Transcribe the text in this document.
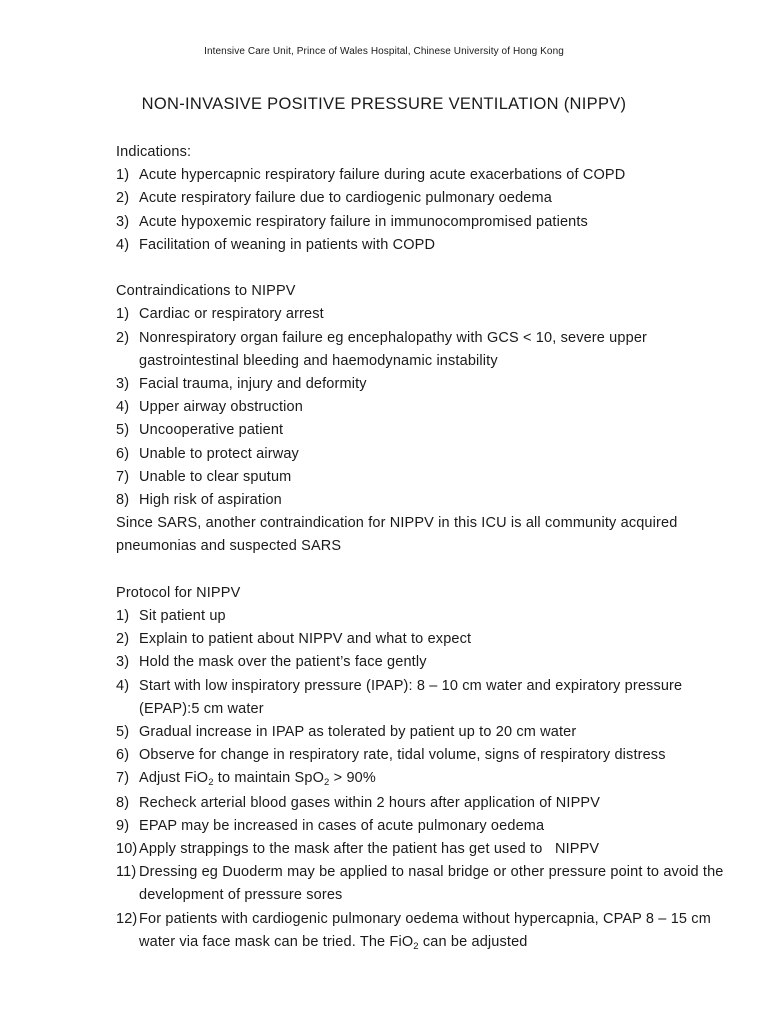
Intensive Care Unit, Prince of Wales Hospital, Chinese University of Hong Kong
NON-INVASIVE POSITIVE PRESSURE VENTILATION (NIPPV)

Indications:

1) Acute hypercapnic respiratory failure during acute exacerbations of COPD
2) Acute respiratory failure due to cardiogenic pulmonary oedema
3) Acute hypoxemic respiratory failure in immunocompromised patients
4) Facilitation of weaning in patients with COPD

Contraindications to NIPPV

1) Cardiac or respiratory arrest
2) Nonrespiratory organ failure eg encephalopathy with GCS < 10, severe upper gastrointestinal bleeding and haemodynamic instability
3) Facial trauma, injury and deformity
4) Upper airway obstruction
5) Uncooperative patient
6) Unable to protect airway
7) Unable to clear sputum
8) High risk of aspiration

Since SARS, another contraindication for NIPPV in this ICU is all community acquired pneumonias and suspected SARS

Protocol for NIPPV

1) Sit patient up
2) Explain to patient about NIPPV and what to expect
3) Hold the mask over the patient’s face gently
4) Start with low inspiratory pressure (IPAP): 8 – 10 cm water and expiratory pressure (EPAP):5 cm water
5) Gradual increase in IPAP as tolerated by patient up to 20 cm water
6) Observe for change in respiratory rate, tidal volume, signs of respiratory distress
7) Adjust FiO$_2$ to maintain SpO$_2$ > 90%
8) Recheck arterial blood gases within 2 hours after application of NIPPV
9) EPAP may be increased in cases of acute pulmonary oedema
10) Apply strappings to the mask after the patient has get used to   NIPPV
11) Dressing eg Duoderm may be applied to nasal bridge or other pressure point to avoid the development of pressure sores
12) For patients with cardiogenic pulmonary oedema without hypercapnia, CPAP 8 – 15 cm water via face mask can be tried. The FiO$_2$ can be adjusted
